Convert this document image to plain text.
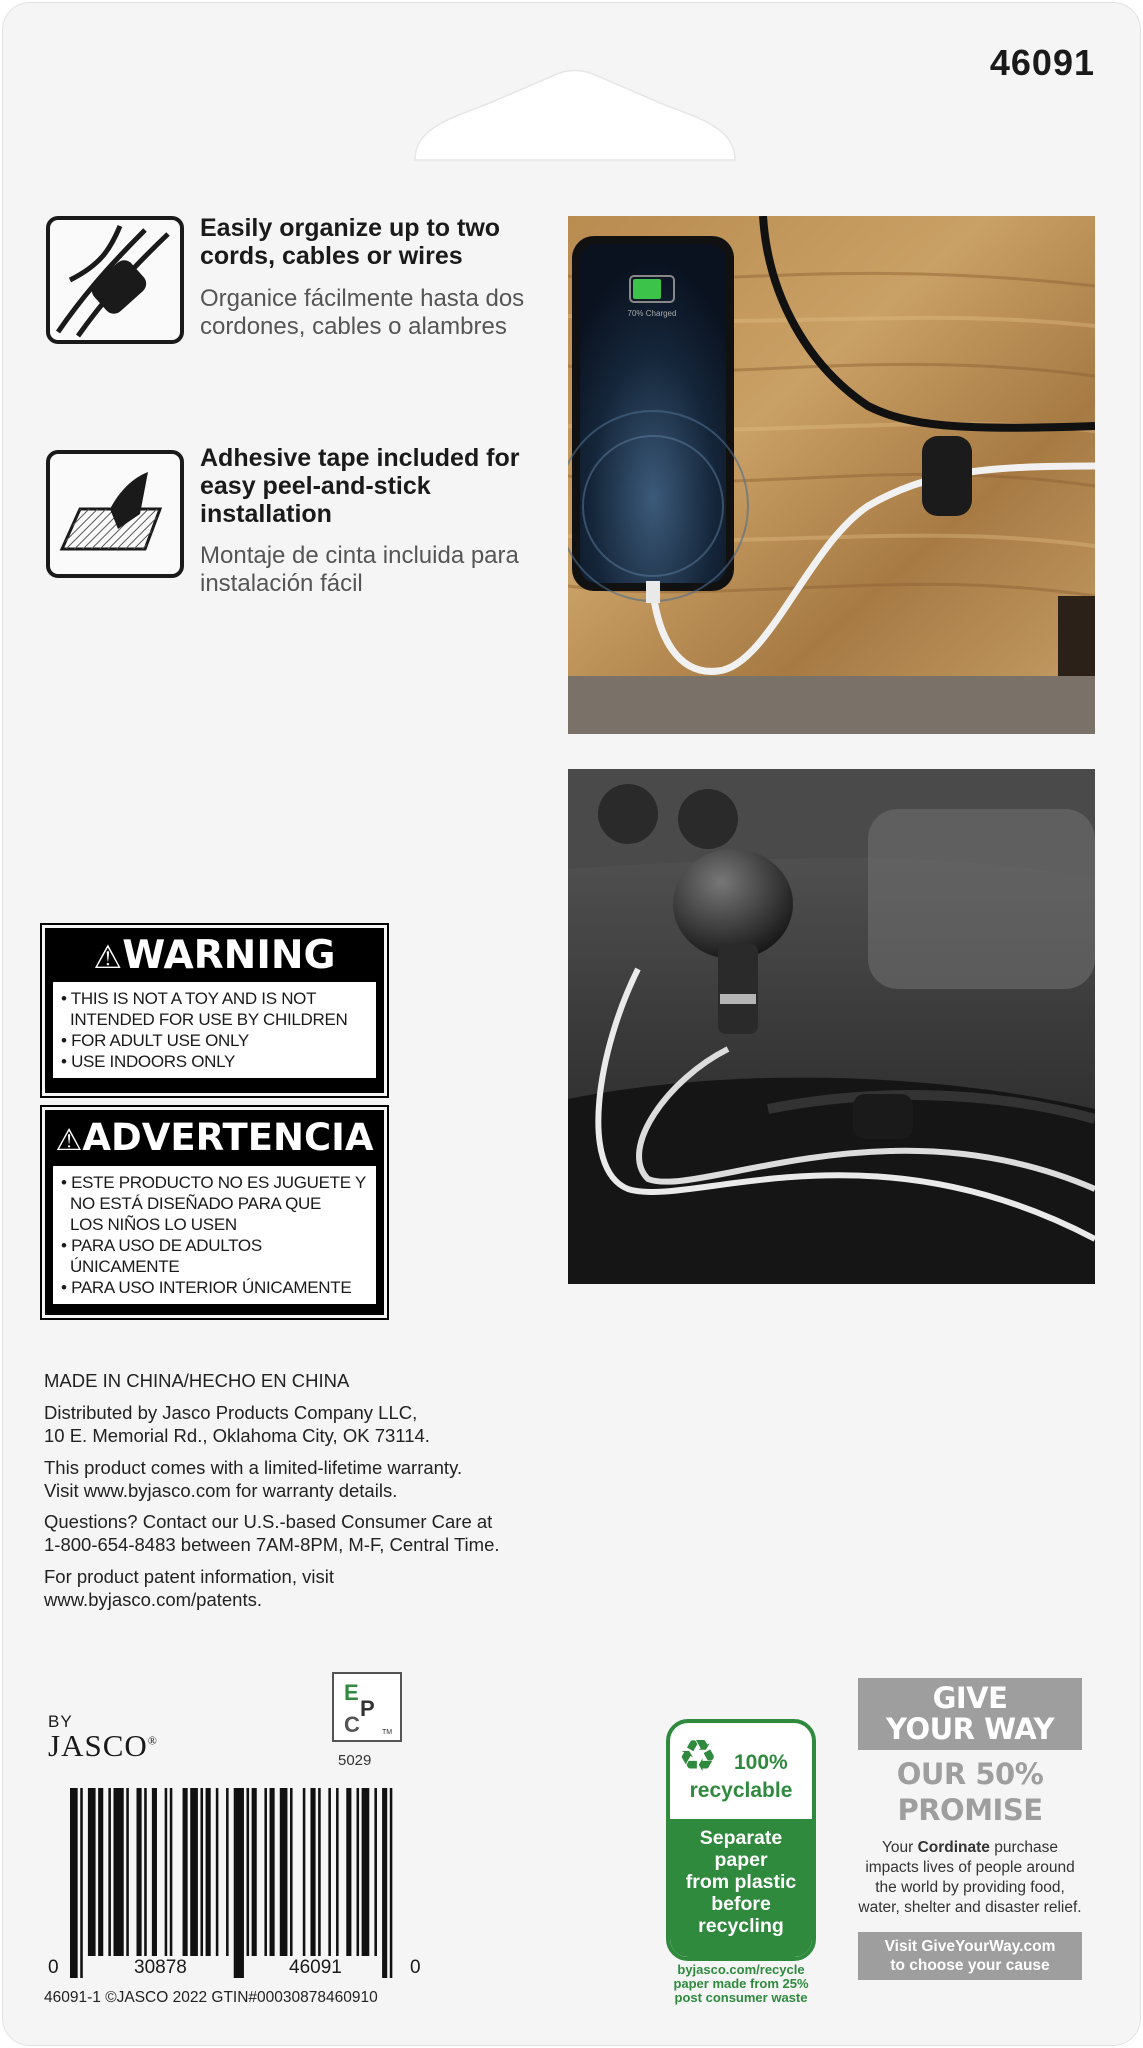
46091
Easily organize up to two cords, cables or wires
Organice fácilmente hasta dos cordones, cables o alambres
Adhesive tape included for easy peel-and-stick installation
Montaje de cinta incluida para instalación fácil
70% Charged
⚠WARNING
• THIS IS NOT A TOY AND IS NOT
INTENDED FOR USE BY CHILDREN
• FOR ADULT USE ONLY
• USE INDOORS ONLY
⚠ADVERTENCIA
• ESTE PRODUCTO NO ES JUGUETE Y
NO ESTÁ DISEÑADO PARA QUE
LOS NIÑOS LO USEN
• PARA USO DE ADULTOS
ÚNICAMENTE
• PARA USO INTERIOR ÚNICAMENTE
MADE IN CHINA/HECHO EN CHINA
Distributed by Jasco Products Company LLC,
10 E. Memorial Rd., Oklahoma City, OK 73114.
This product comes with a limited-lifetime warranty.
Visit www.byjasco.com for warranty details.
Questions? Contact our U.S.-based Consumer Care at
1-800-654-8483 between 7AM-8PM, M-F, Central Time.
For product patent information, visit
www.byjasco.com/patents.
BY
JASCO®
E
P
C	TM
5029
0	30878	46091	0
46091-1 ©JASCO 2022 GTIN#00030878460910
♻ 100%
recyclable
Separate
paper
from plastic
before
recycling
byjasco.com/recycle
paper made from 25%
post consumer waste
GIVE
YOUR WAY
OUR 50%
PROMISE
Your Cordinate purchase impacts lives of people around the world by providing food, water, shelter and disaster relief.
Visit GiveYourWay.com
to choose your cause
